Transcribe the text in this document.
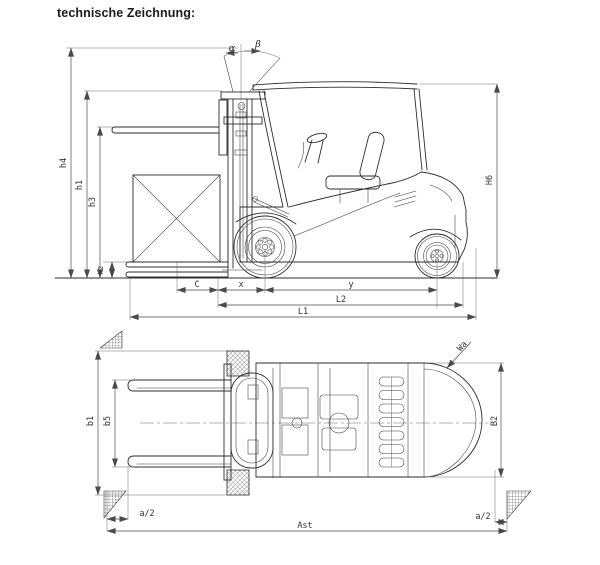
technische Zeichnung:
h4
h1
h3
h2
H6
α β
C	x	y
L2
L1
b1 b5	B2
Wa
a/2	a/2
Ast
